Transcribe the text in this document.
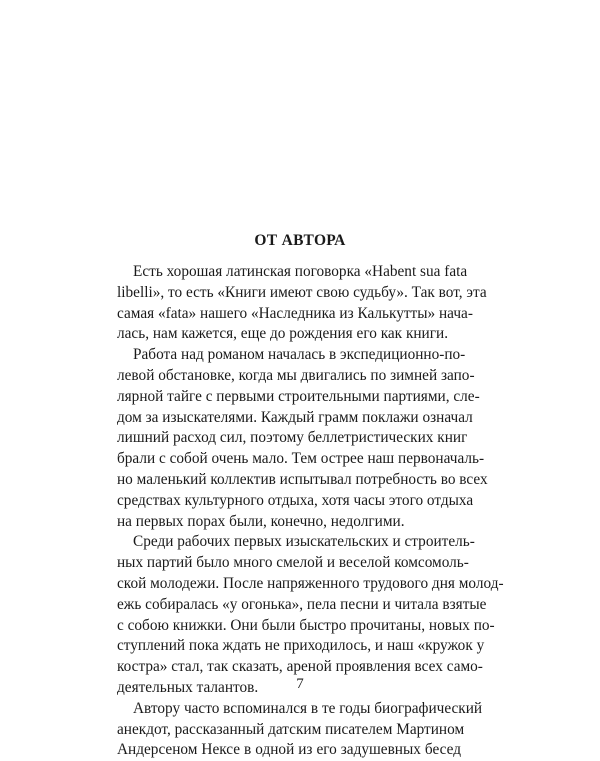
ОТ АВТОРА
Есть хорошая латинская поговорка «Habent sua fata
libelli», то есть «Книги имеют свою судьбу». Так вот, эта
самая «fata» нашего «Наследника из Калькутты» нача-
лась, нам кажется, еще до рождения его как книги.
Работа над романом началась в экспедиционно-по-
левой обстановке, когда мы двигались по зимней запо-
лярной тайге с первыми строительными партиями, сле-
дом за изыскателями. Каждый грамм поклажи означал
лишний расход сил, поэтому беллетристических книг
брали с собой очень мало. Тем острее наш первоначаль-
но маленький коллектив испытывал потребность во всех
средствах культурного отдыха, хотя часы этого отдыха
на первых порах были, конечно, недолгими.
Среди рабочих первых изыскательских и строитель-
ных партий было много смелой и веселой комсомоль-
ской молодежи. После напряженного трудового дня молод-
ежь собиралась «у огонька», пела песни и читала взятые
с собою книжки. Они были быстро прочитаны, новых по-
ступлений пока ждать не приходилось, и наш «кружок у
костра» стал, так сказать, ареной проявления всех само-
деятельных талантов.
Автору часто вспоминался в те годы биографический
анекдот, рассказанный датским писателем Мартином
Андерсеном Нексе в одной из его задушевных бесед
7
